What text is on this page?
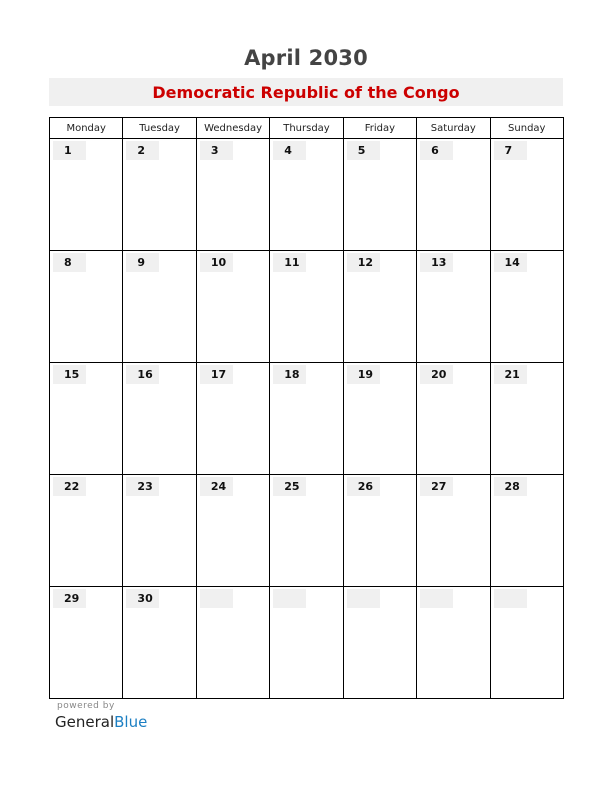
April 2030
Democratic Republic of the Congo
Monday	Tuesday	Wednesday	Thursday	Friday	Saturday	Sunday

1	2	3	4	5	6	7

8	9	10	11	12	13	14

15	16	17	18	19	20	21

22	23	24	25	26	27	28

29	30					

powered by
GeneralBlue
